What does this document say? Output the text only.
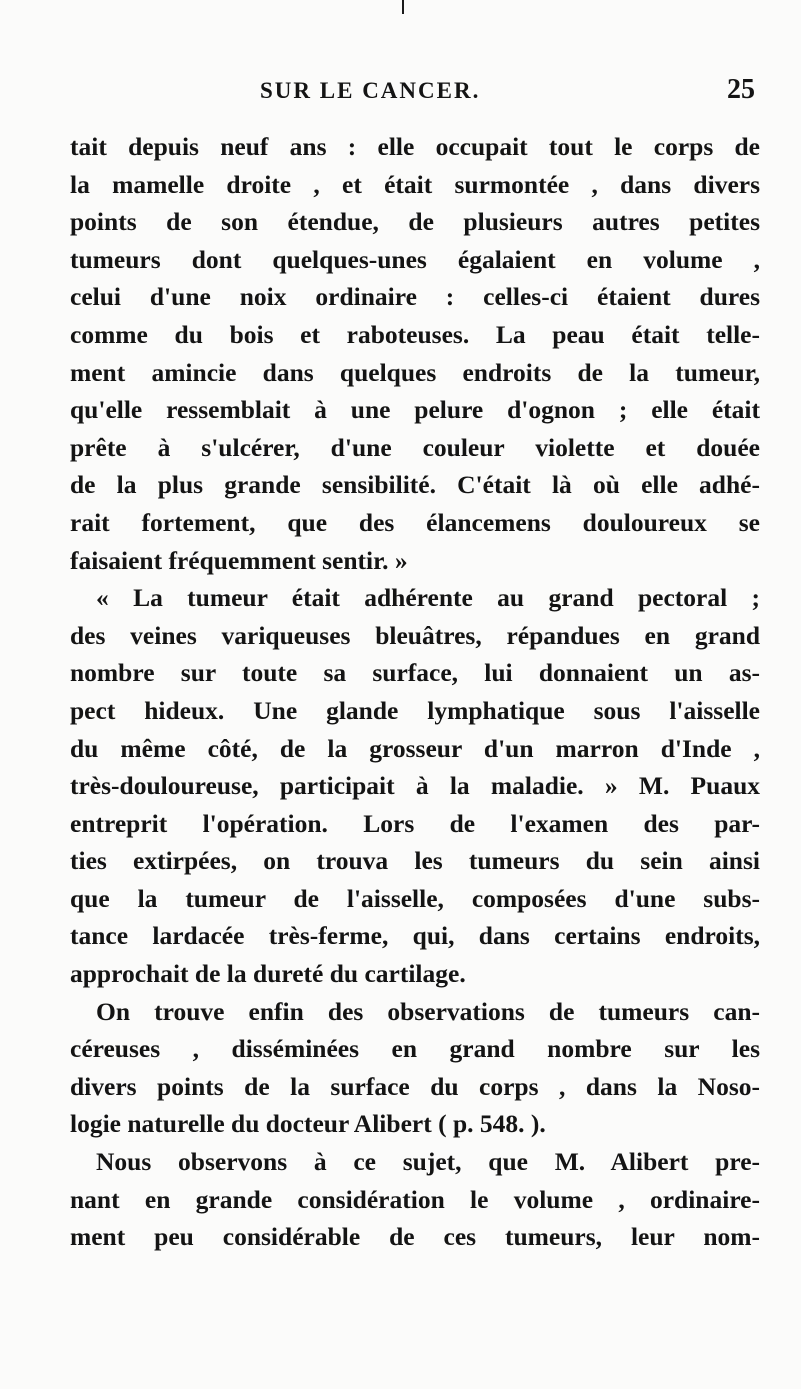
SUR LE CANCER.	25
tait depuis neuf ans : elle occupait tout le corps de
la mamelle droite , et était surmontée , dans divers
points de son étendue, de plusieurs autres petites
tumeurs dont quelques-unes égalaient en volume ,
celui d'une noix ordinaire : celles-ci étaient dures
comme du bois et raboteuses. La peau était telle-
ment amincie dans quelques endroits de la tumeur,
qu'elle ressemblait à une pelure d'ognon ; elle était
prête à s'ulcérer, d'une couleur violette et douée
de la plus grande sensibilité. C'était là où elle adhé-
rait fortement, que des élancemens douloureux se
faisaient fréquemment sentir. »
« La tumeur était adhérente au grand pectoral ;
des veines variqueuses bleuâtres, répandues en grand
nombre sur toute sa surface, lui donnaient un as-
pect hideux. Une glande lymphatique sous l'aisselle
du même côté, de la grosseur d'un marron d'Inde ,
très-douloureuse, participait à la maladie. » M. Puaux
entreprit l'opération. Lors de l'examen des par-
ties extirpées, on trouva les tumeurs du sein ainsi
que la tumeur de l'aisselle, composées d'une subs-
tance lardacée très-ferme, qui, dans certains endroits,
approchait de la dureté du cartilage.
On trouve enfin des observations de tumeurs can-
céreuses , disséminées en grand nombre sur les
divers points de la surface du corps , dans la Noso-
logie naturelle du docteur Alibert ( p. 548. ).
Nous observons à ce sujet, que M. Alibert pre-
nant en grande considération le volume , ordinaire-
ment peu considérable de ces tumeurs, leur nom-
